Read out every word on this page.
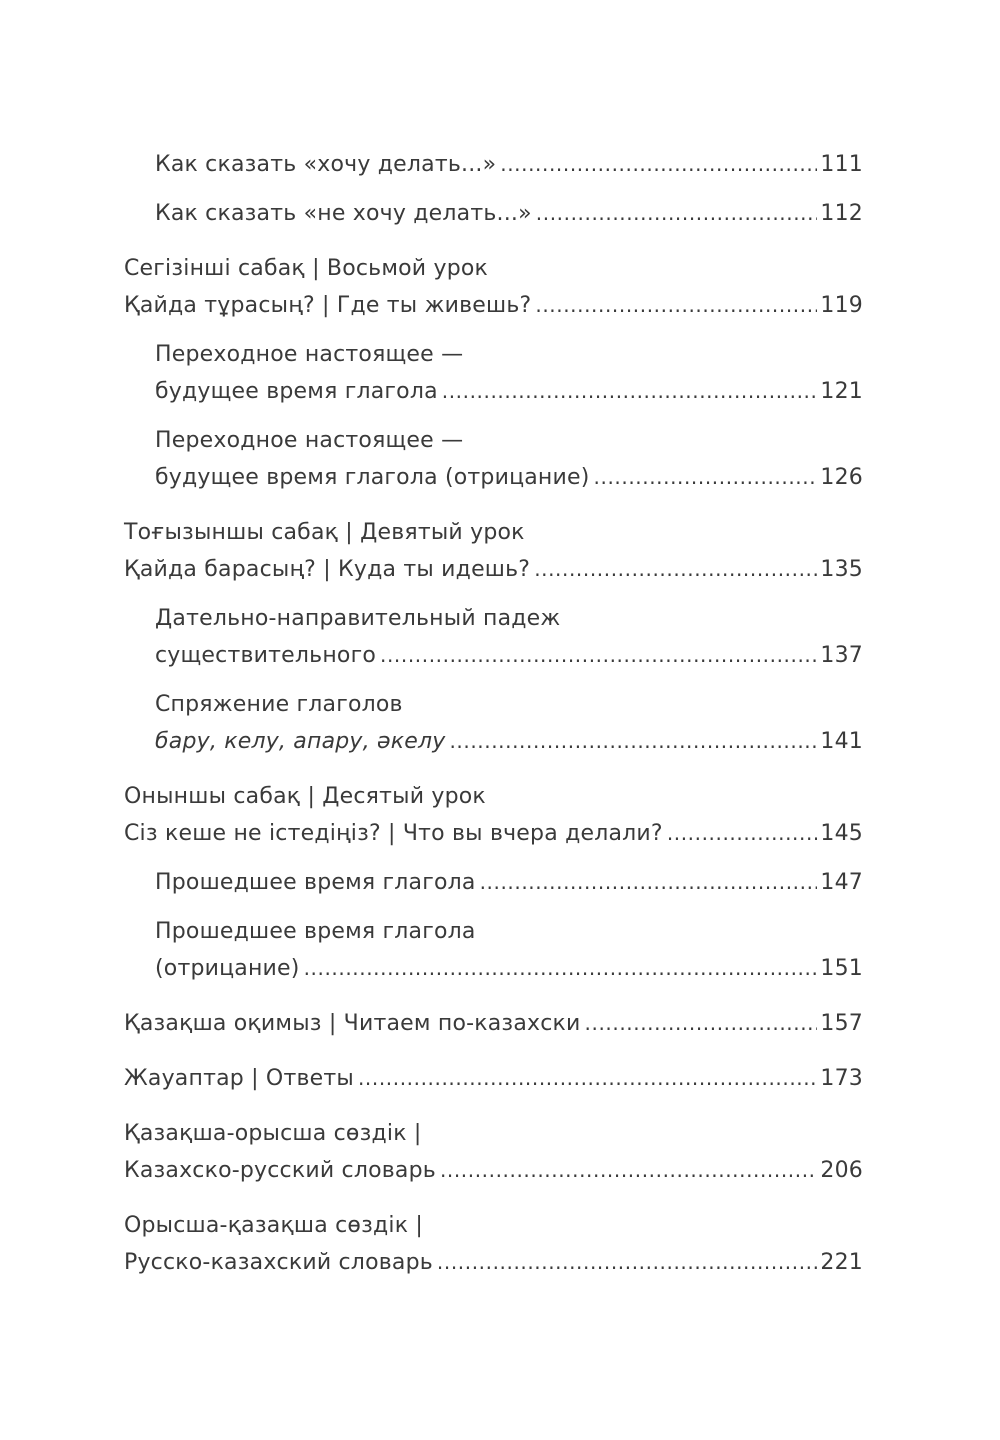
Как сказать «хочу делать...» .....	111
Как сказать «не хочу делать...» .....	112
Сегізінші сабақ | Восьмой урок
Қайда тұрасың? | Где ты живешь? .....	119
Переходное настоящее —
будущее время глагола .....	121
Переходное настоящее —
будущее время глагола (отрицание) .....	126
Тоғызыншы сабақ | Девятый урок
Қайда барасың? | Куда ты идешь? .....	135
Дательно-направительный падеж
существительного .....	137
Спряжение глаголов
бару, келу, апару, әкелу .....	141
Оныншы сабақ | Десятый урок
Сіз кеше не істедіңіз? | Что вы вчера делали? .....	145
Прошедшее время глагола .....	147
Прошедшее время глагола
(отрицание) .....	151
Қазақша оқимыз | Читаем по-казахски .....	157
Жауаптар | Ответы .....	173
Қазақша-орысша сөздік |
Казахско-русский словарь .....	206
Орысша-қазақша сөздік |
Русско-казахский словарь .....	221
